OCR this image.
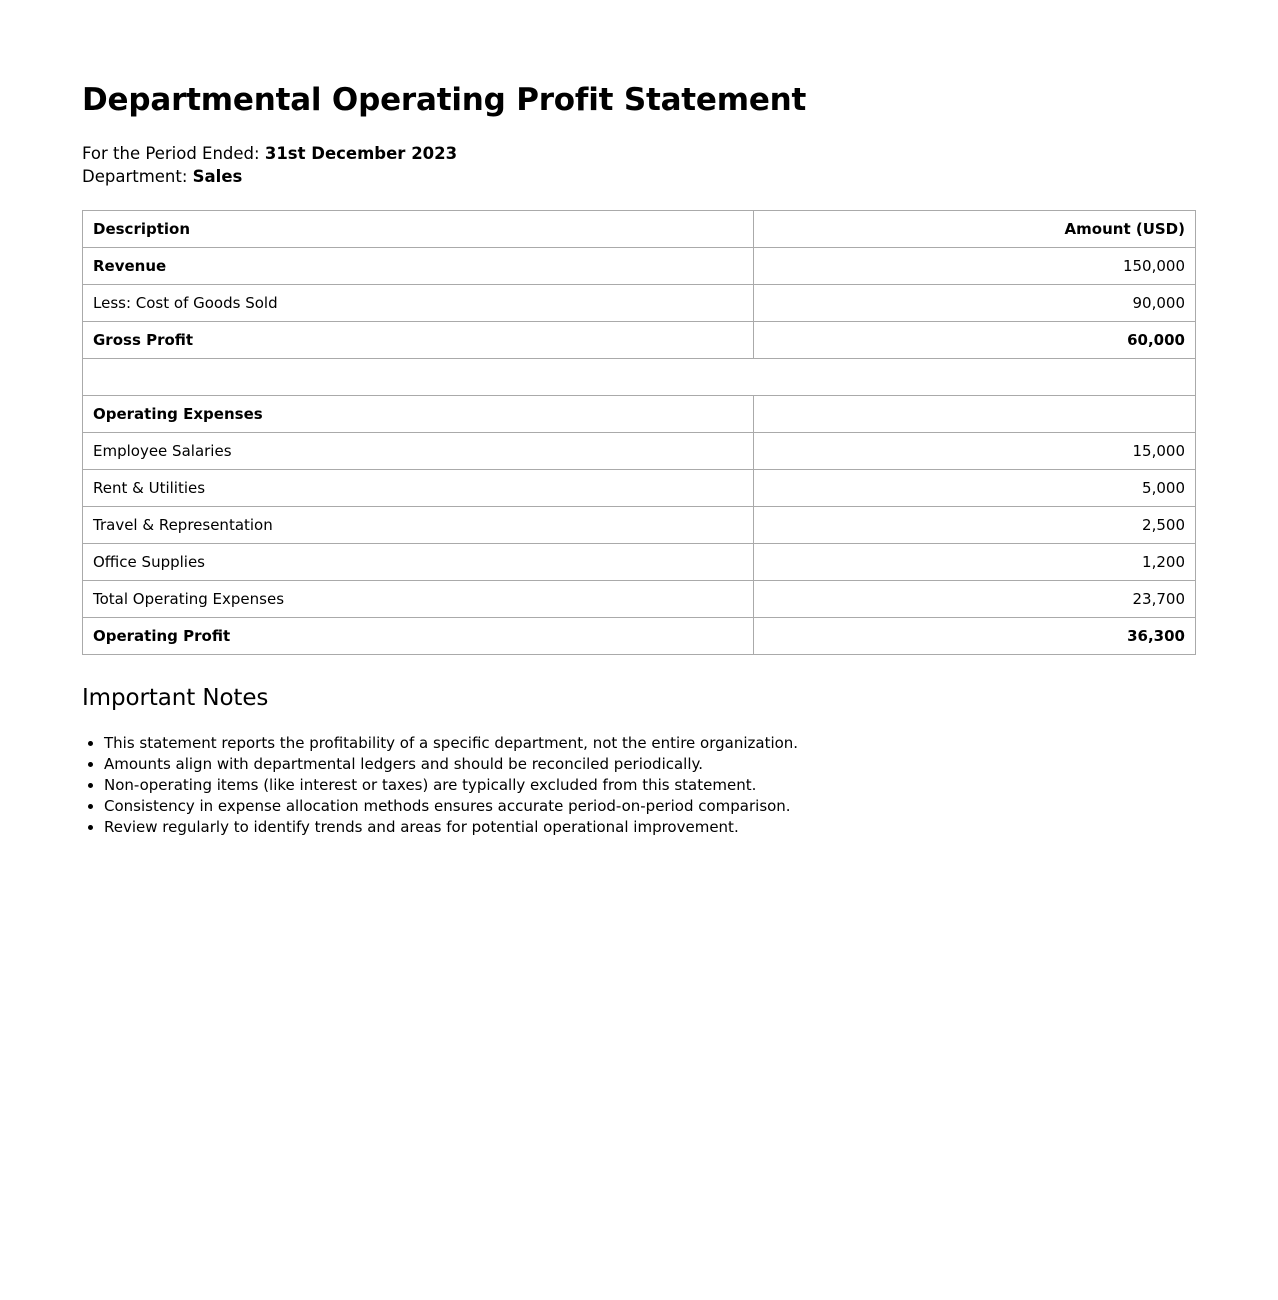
Departmental Operating Profit Statement
For the Period Ended: 31st December 2023
Department: Sales
Description	Amount (USD)
Revenue	150,000
Less: Cost of Goods Sold	90,000
Gross Profit	60,000

Operating Expenses	
Employee Salaries	15,000
Rent & Utilities	5,000
Travel & Representation	2,500
Office Supplies	1,200
Total Operating Expenses	23,700
Operating Profit	36,300
Important Notes
• This statement reports the profitability of a specific department, not the entire organization.
• Amounts align with departmental ledgers and should be reconciled periodically.
• Non-operating items (like interest or taxes) are typically excluded from this statement.
• Consistency in expense allocation methods ensures accurate period-on-period comparison.
• Review regularly to identify trends and areas for potential operational improvement.
